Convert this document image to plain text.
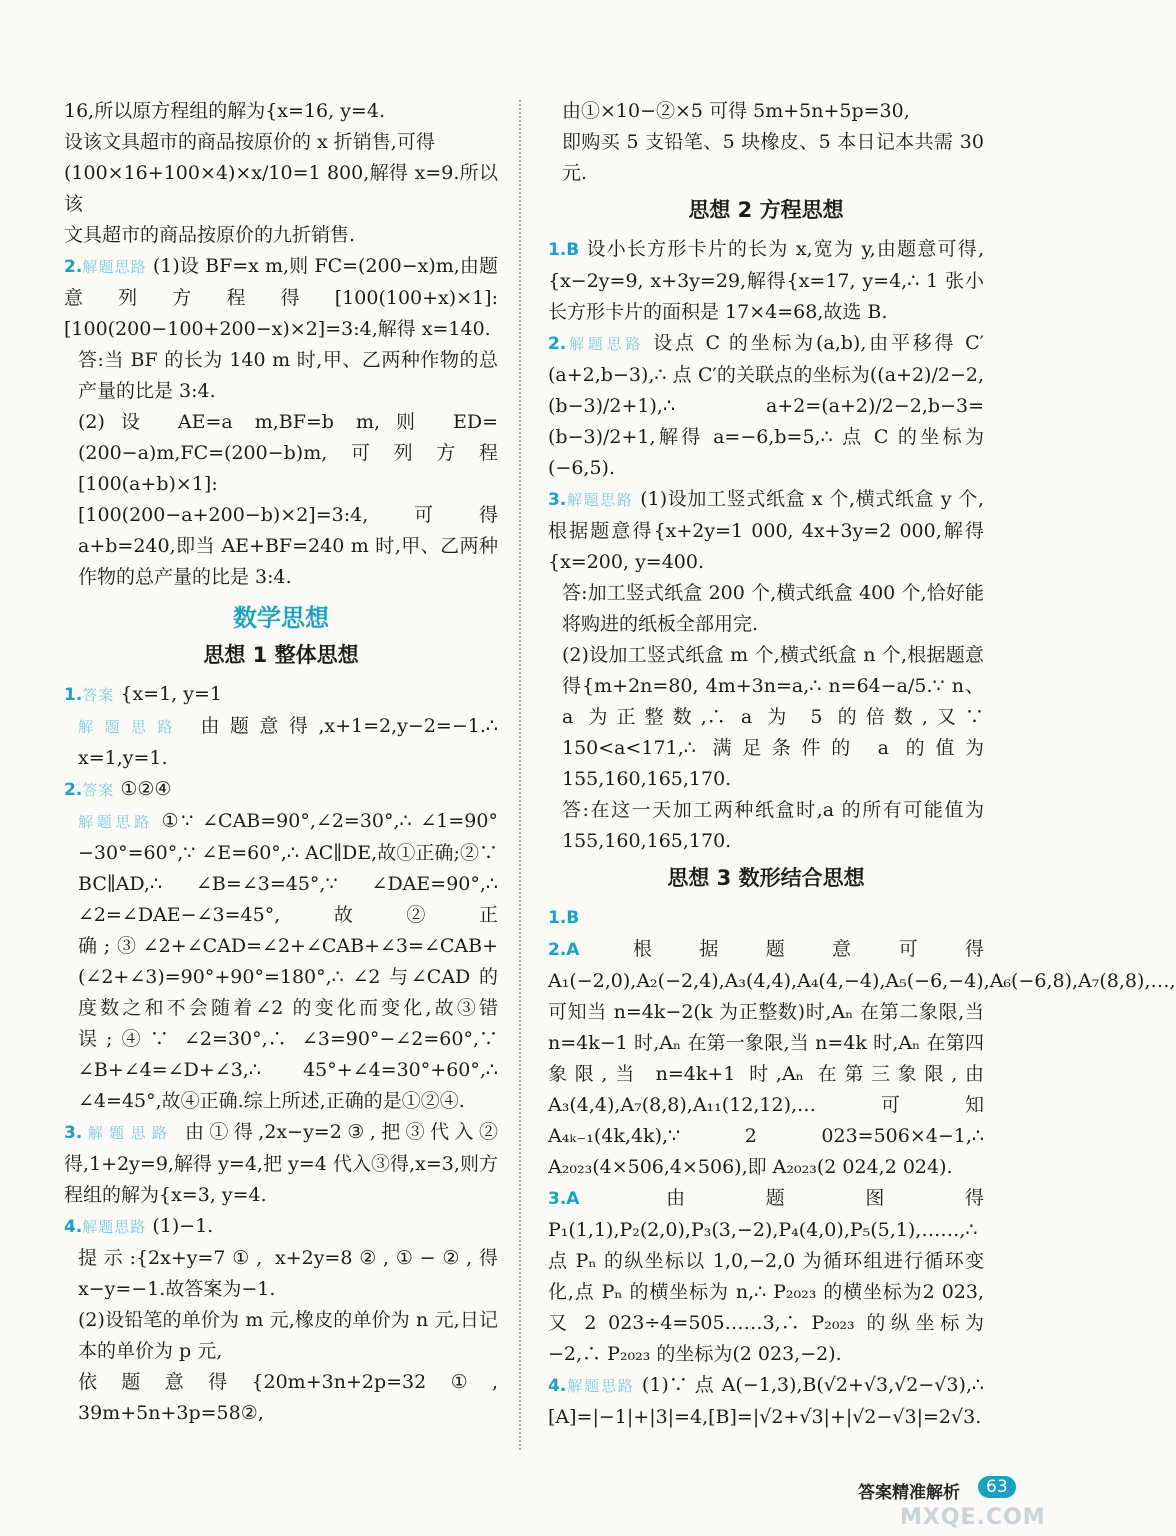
16,所以原方程组的解为{x=16, y=4.

设该文具超市的商品按原价的 x 折销售,可得

(100×16+100×4)×x/10=1 800,解得 x=9.所以该

文具超市的商品按原价的九折销售.

2.解题思路 (1)设 BF=x m,则 FC=(200−x)m,由题意列方程得[100(100+x)×1]:[100(200−100+200−x)×2]=3:4,解得 x=140.

答:当 BF 的长为 140 m 时,甲、乙两种作物的总产量的比是 3:4.

(2)设 AE=a m,BF=b m,则 ED=(200−a)m,FC=(200−b)m,可列方程[100(a+b)×1]:[100(200−a+200−b)×2]=3:4,可得 a+b=240,即当 AE+BF=240 m 时,甲、乙两种作物的总产量的比是 3:4.

数学思想
思想 1 整体思想

1.答案 {x=1, y=1

解题思路 由题意得,x+1=2,y−2=−1.∴ x=1,y=1.

2.答案 ①②④

解题思路 ①∵ ∠CAB=90°,∠2=30°,∴ ∠1=90°−30°=60°,∵ ∠E=60°,∴ AC∥DE,故①正确;②∵ BC∥AD,∴ ∠B=∠3=45°,∵ ∠DAE=90°,∴ ∠2=∠DAE−∠3=45°,故②正确;③∠2+∠CAD=∠2+∠CAB+∠3=∠CAB+(∠2+∠3)=90°+90°=180°,∴ ∠2 与∠CAD 的度数之和不会随着∠2 的变化而变化,故③错误;④∵ ∠2=30°,∴ ∠3=90°−∠2=60°,∵ ∠B+∠4=∠D+∠3,∴ 45°+∠4=30°+60°,∴ ∠4=45°,故④正确.综上所述,正确的是①②④.

3.解题思路 由①得,2x−y=2③,把③代入②得,1+2y=9,解得 y=4,把 y=4 代入③得,x=3,则方程组的解为{x=3, y=4.

4.解题思路 (1)−1.

提示:{2x+y=7①, x+2y=8②,①−②,得 x−y=−1.故答案为−1.

(2)设铅笔的单价为 m 元,橡皮的单价为 n 元,日记本的单价为 p 元,

依题意得{20m+3n+2p=32①, 39m+5n+3p=58②,

由①×10−②×5 可得 5m+5n+5p=30,

即购买 5 支铅笔、5 块橡皮、5 本日记本共需 30 元.

思想 2 方程思想

1.B 设小长方形卡片的长为 x,宽为 y,由题意可得,{x−2y=9, x+3y=29,解得{x=17, y=4,∴ 1 张小长方形卡片的面积是 17×4=68,故选 B.

2.解题思路 设点 C 的坐标为(a,b),由平移得 C′(a+2,b−3),∴ 点 C′的关联点的坐标为((a+2)/2−2,(b−3)/2+1),∴ a+2=(a+2)/2−2,b−3=(b−3)/2+1,解得 a=−6,b=5,∴ 点 C 的坐标为(−6,5).

3.解题思路 (1)设加工竖式纸盒 x 个,横式纸盒 y 个,根据题意得{x+2y=1 000, 4x+3y=2 000,解得{x=200, y=400.

答:加工竖式纸盒 200 个,横式纸盒 400 个,恰好能将购进的纸板全部用完.

(2)设加工竖式纸盒 m 个,横式纸盒 n 个,根据题意得{m+2n=80, 4m+3n=a,∴ n=64−a/5.∵ n、a 为正整数,∴ a 为 5 的倍数,又∵ 150<a<171,∴ 满足条件的 a 的值为 155,160,165,170.

答:在这一天加工两种纸盒时,a 的所有可能值为 155,160,165,170.

思想 3 数形结合思想

1.B

2.A	根据题意可得 A₁(−2,0),A₂(−2,4),A₃(4,4),A₄(4,−4),A₅(−6,−4),A₆(−6,8),A₇(8,8),…,可知当 n=4k−2(k 为正整数)时,Aₙ 在第二象限,当 n=4k−1 时,Aₙ 在第一象限,当 n=4k 时,Aₙ 在第四象限,当 n=4k+1 时,Aₙ 在第三象限,由 A₃(4,4),A₇(8,8),A₁₁(12,12),…可知 A₄ₖ₋₁(4k,4k),∵ 2 023=506×4−1,∴ A₂₀₂₃(4×506,4×506),即 A₂₀₂₃(2 024,2 024).

3.A	由题图得 P₁(1,1),P₂(2,0),P₃(3,−2),P₄(4,0),P₅(5,1),……,∴ 点 Pₙ 的纵坐标以 1,0,−2,0 为循环组进行循环变化,点 Pₙ 的横坐标为 n,∴ P₂₀₂₃ 的横坐标为2 023,又 2 023÷4=505……3,∴ P₂₀₂₃ 的纵坐标为−2,∴ P₂₀₂₃ 的坐标为(2 023,−2).

4.解题思路 (1)∵ 点 A(−1,3),B(√2+√3,√2−√3),∴ [A]=|−1|+|3|=4,[B]=|√2+√3|+|√2−√3|=2√3.

答案精准解析	63
MXQE.COM
